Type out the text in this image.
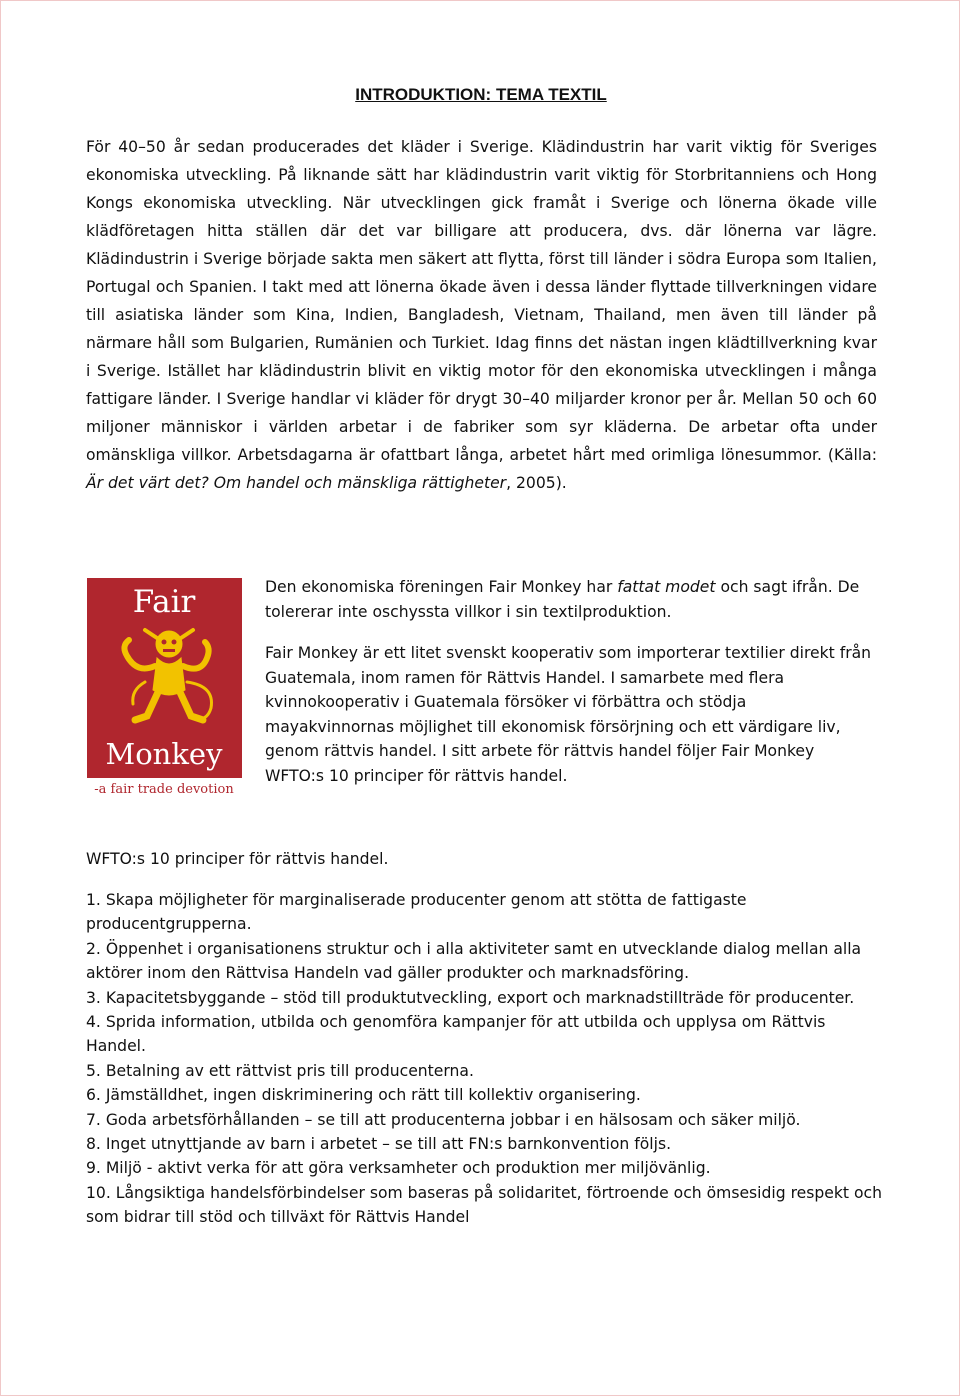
INTRODUKTION: TEMA TEXTIL

För 40–50 år sedan producerades det kläder i Sverige. Klädindustrin har varit viktig för Sveriges ekonomiska utveckling. På liknande sätt har klädindustrin varit viktig för Storbritanniens och Hong Kongs ekonomiska utveckling. När utvecklingen gick framåt i Sverige och lönerna ökade ville klädföretagen hitta ställen där det var billigare att producera, dvs. där lönerna var lägre. Klädindustrin i Sverige började sakta men säkert att flytta, först till länder i södra Europa som Italien, Portugal och Spanien. I takt med att lönerna ökade även i dessa länder flyttade tillverkningen vidare till asiatiska länder som Kina, Indien, Bangladesh, Vietnam, Thailand, men även till länder på närmare håll som Bulgarien, Rumänien och Turkiet. Idag finns det nästan ingen klädtillverkning kvar i Sverige. Istället har klädindustrin blivit en viktig motor för den ekonomiska utvecklingen i många fattigare länder. I Sverige handlar vi kläder för drygt 30–40 miljarder kronor per år. Mellan 50 och 60 miljoner människor i världen arbetar i de fabriker som syr kläderna. De arbetar ofta under omänskliga villkor. Arbetsdagarna är ofattbart långa, arbetet hårt med orimliga lönesummor. (Källa: Är det värt det? Om handel och mänskliga rättigheter, 2005).

Fair
Monkey
-a fair trade devotion

Den ekonomiska föreningen Fair Monkey har fattat modet och sagt ifrån. De tolererar inte oschyssta villkor i sin textilproduktion.

Fair Monkey är ett litet svenskt kooperativ som importerar textilier direkt från Guatemala, inom ramen för Rättvis Handel. I samarbete med flera kvinnokooperativ i Guatemala försöker vi förbättra och stödja mayakvinnornas möjlighet till ekonomisk försörjning och ett värdigare liv, genom rättvis handel. I sitt arbete för rättvis handel följer Fair Monkey WFTO:s 10 principer för rättvis handel.

WFTO:s 10 principer för rättvis handel.
1. Skapa möjligheter för marginaliserade producenter genom att stötta de fattigaste producentgrupperna.
2. Öppenhet i organisationens struktur och i alla aktiviteter samt en utvecklande dialog mellan alla aktörer inom den Rättvisa Handeln vad gäller produkter och marknadsföring.
3. Kapacitetsbyggande – stöd till produktutveckling, export och marknadstillträde för producenter.
4. Sprida information, utbilda och genomföra kampanjer för att utbilda och upplysa om Rättvis Handel.
5. Betalning av ett rättvist pris till producenterna.
6. Jämställdhet, ingen diskriminering och rätt till kollektiv organisering.
7. Goda arbetsförhållanden – se till att producenterna jobbar i en hälsosam och säker miljö.
8. Inget utnyttjande av barn i arbetet – se till att FN:s barnkonvention följs.
9. Miljö - aktivt verka för att göra verksamheter och produktion mer miljövänlig.
10. Långsiktiga handelsförbindelser som baseras på solidaritet, förtroende och ömsesidig respekt och som bidrar till stöd och tillväxt för Rättvis Handel
